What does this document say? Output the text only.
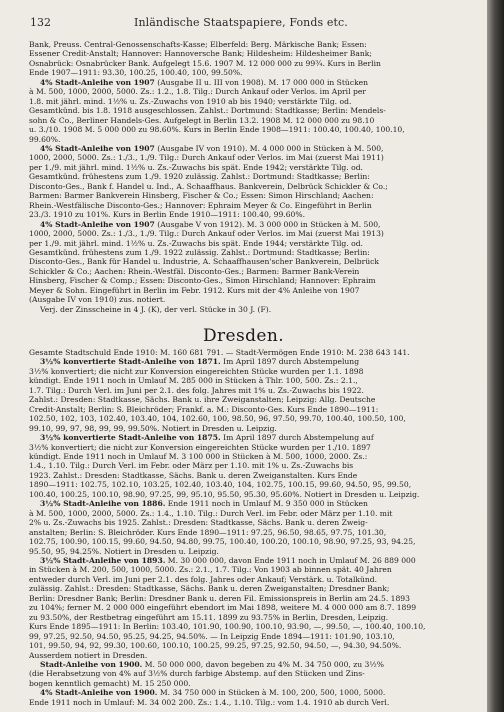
132	Inländische Staatspapiere, Fonds etc.

Bank, Preuss. Central-Genossenschafts-Kasse; Elberfeld: Berg. Märkische Bank; Essen:

Essener Credit-Anstalt; Hannover: Hannoversche Bank; Hildesheim: Hildesheimer Bank;

Osnabrück: Osnabrücker Bank. Aufgelegt 15.6. 1907 M. 12 000 000 zu 99¾. Kurs in Berlin

Ende 1907—1911: 93.30, 100.25, 100.40, 100, 99.50%.

4% Stadt-Anleihe von 1907 (Ausgabe II u. III von 1908). M. 17 000 000 in Stücken

à M. 500, 1000, 2000, 5000. Zs.: 1.2., 1.8. Tilg.: Durch Ankauf oder Verlos. im April per

1.8. mit jährl. mind. 1½% u. Zs.-Zuwachs von 1910 ab bis 1940; verstärkte Tilg. od.

Gesamtkünd. bis 1.8. 1918 ausgeschlossen. Zahlst.: Dortmund: Stadtkasse; Berlin: Mendels-

sohn & Co., Berliner Handels-Ges. Aufgelegt in Berlin 13.2. 1908 M. 12 000 000 zu 98.10

u. 3./10. 1908 M. 5 000 000 zu 98.60%. Kurs in Berlin Ende 1908—1911: 100.40, 100.40, 100.10,

99.60%.

4% Stadt-Anleihe von 1907 (Ausgabe IV von 1910). M. 4 000 000 in Stücken à M. 500,

1000, 2000, 5000. Zs.: 1./3., 1./9. Tilg.: Durch Ankauf oder Verlos. im Mai (zuerst Mai 1911)

per 1./9. mit jährl. mind. 1½% u. Zs.-Zuwachs bis spät. Ende 1942; verstärkte Tilg. od.

Gesamtkünd. frühestens zum 1./9. 1920 zulässig. Zahlst.: Dortmund: Stadtkasse; Berlin:

Disconto-Ges., Bank f. Handel u. Ind., A. Schaaffhaus. Bankverein, Delbrück Schickler & Co.;

Barmen: Barmer Bankverein Hinsberg, Fischer & Co.; Essen: Simon Hirschland; Aachen:

Rhein.-Westfälische Disconto-Ges.; Hannover: Ephraim Meyer & Co. Eingeführt in Berlin

23./3. 1910 zu 101%. Kurs in Berlin Ende 1910—1911: 100.40, 99.60%.

4% Stadt-Anleihe von 1907 (Ausgabe V von 1912). M. 3 000 000 in Stücken à M. 500,

1000, 2000, 5000. Zs.: 1./3., 1./9. Tilg.: Durch Ankauf oder Verlos. im Mai (zuerst Mai 1913)

per 1./9. mit jährl. mind. 1½% u. Zs.-Zuwachs bis spät. Ende 1944; verstärkte Tilg. od.

Gesamtkünd. frühestens zum 1./9. 1922 zulässig. Zahlst.: Dortmund: Stadtkasse; Berlin:

Disconto-Ges., Bank für Handel u. Industrie, A. Schaaffhausen'scher Bankverein, Delbrück

Schickler & Co.; Aachen: Rhein.-Westfäl. Disconto-Ges.; Barmen: Barmer Bank-Verein

Hinsberg, Fischer & Comp.; Essen: Disconto-Ges., Simon Hirschland; Hannover: Ephraim

Meyer & Sohn. Eingeführt in Berlin im Febr. 1912. Kurs mit der 4% Anleihe von 1907

(Ausgabe IV von 1910) zus. notiert.

Verj. der Zinsscheine in 4 J. (K), der verl. Stücke in 30 J. (F).

Dresden.

Gesamte Stadtschuld Ende 1910: M. 160 681 791. — Stadt-Vermögen Ende 1910: M. 238 643 141.

3½% konvertierte Stadt-Anleihe von 1871. Im April 1897 durch Abstempelung

3½% konvertiert; die nicht zur Konversion eingereichten Stücke wurden per 1.1. 1898

kündigt. Ende 1911 noch in Umlauf M. 285 000 in Stücken à Thlr. 100, 500. Zs.: 2.1.,

1.7. Tilg.: Durch Verl. im Juni per 2.1. des folg. Jahres mit 1% u. Zs.-Zuwachs bis 1922.

Zahlst.: Dresden: Stadtkasse, Sächs. Bank u. ihre Zweiganstalten; Leipzig: Allg. Deutsche

Credit-Anstalt; Berlin: S. Bleichröder; Frankf. a. M.: Disconto-Ges. Kurs Ende 1890—1911:

102.50, 102, 103, 102.40, 103.40, 104, 102.60, 100, 98.50, 96, 97.50, 99.70, 100.40, 100.50, 100,

99.10, 99, 97, 98, 99, 99, 99.50%. Notiert in Dresden u. Leipzig.

3½% konvertierte Stadt-Anleihe von 1875. Im April 1897 durch Abstempelung auf

3½% konvertiert; die nicht zur Konversion eingereichten Stücke wurden per 1./10. 1897

kündigt. Ende 1911 noch in Umlauf M. 3 100 000 in Stücken à M. 500, 1000, 2000. Zs.:

1.4., 1.10. Tilg.: Durch Verl. im Febr. oder März per 1.10. mit 1% u. Zs.-Zuwachs bis

1923. Zahlst.: Dresden: Stadtkasse, Sächs. Bank u. deren Zweiganstalten. Kurs Ende

1890—1911: 102.75, 102.10, 103.25, 102.40, 103.40, 104, 102.75, 100.15, 99.60, 94.50, 95, 99.50,

100.40, 100.25, 100.10, 98.90, 97.25, 99, 95.10, 95.50, 95.30, 95.60%. Notiert in Dresden u. Leipzig.

3½% Stadt-Anleihe von 1886. Ende 1911 noch in Umlauf M. 9 350 000 in Stücken

à M. 500, 1000, 2000, 5000. Zs.: 1.4., 1.10. Tilg.: Durch Verl. im Febr. oder März per 1.10. mit

2% u. Zs.-Zuwachs bis 1925. Zahlst.: Dresden: Stadtkasse, Sächs. Bank u. deren Zweig-

anstalten; Berlin: S. Bleichröder. Kurs Ende 1890—1911: 97.25, 96.50, 98.65, 97.75, 101.30,

102.75, 100.90, 100.15, 99.60, 94.50, 94.80, 99.75, 100.40, 100.20, 100.10, 98.90, 97.25, 93, 94.25,

95.50, 95, 94.25%. Notiert in Dresden u. Leipzig.

3½% Stadt-Anleihe von 1893. M. 30 000 000, davon Ende 1911 noch in Umlauf M. 26 889 000

in Stücken à M. 200, 500, 1000, 5000. Zs.: 2.1., 1.7. Tilg.: Von 1903 ab binnen spät. 40 Jahren

entweder durch Verl. im Juni per 2.1. des folg. Jahres oder Ankauf; Verstärk. u. Totalkünd.

zulässig. Zahlst.: Dresden: Stadtkasse, Sächs. Bank u. deren Zweiganstalten; Dresdner Bank;

Berlin: Dresdner Bank; Berlin: Dresdner Bank u. deren Fil. Emissionspreis in Berlin am 24.5. 1893

zu 104%; ferner M. 2 000 000 eingeführt ebendort im Mai 1898, weitere M. 4 000 000 am 8.7. 1899

zu 93.50%, der Restbetrag eingeführt am 15.11. 1899 zu 93.75% in Berlin, Dresden, Leipzig.

Kurs Ende 1895—1911: In Berlin: 103.40, 101.90, 100.90, 100.10, 93.90, —, 99.50, —, 100.40, 100.10,

99, 97.25, 92.50, 94.50, 95.25, 94.25, 94.50%. — In Leipzig Ende 1894—1911: 101.90, 103.10,

101, 99.50, 94, 92, 99.30, 100.60, 100.10, 100.25, 99.25, 97.25, 92.50, 94.50, —, 94.30, 94.50%.

Ausserdem notiert in Dresden.

Stadt-Anleihe von 1900. M. 50 000 000, davon begeben zu 4% M. 34 750 000, zu 3½%

(die Herabsetzung von 4% auf 3½% durch farbige Abstemp. auf den Stücken und Zins-

bogen kenntlich gemacht) M. 15 250 000.

4% Stadt-Anleihe von 1900. M. 34 750 000 in Stücken à M. 100, 200, 500, 1000, 5000.

Ende 1911 noch in Umlauf: M. 34 002 200. Zs.: 1.4., 1.10. Tilg.: vom 1.4. 1910 ab durch Verl.
